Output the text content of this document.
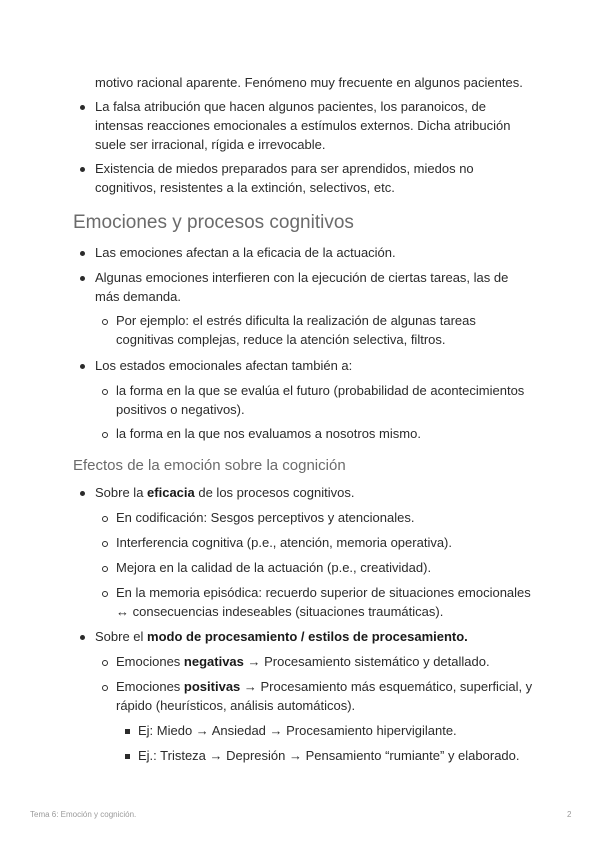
motivo racional aparente. Fenómeno muy frecuente en algunos pacientes.
La falsa atribución que hacen algunos pacientes, los paranoicos, de
intensas reacciones emocionales a estímulos externos. Dicha atribución
suele ser irracional, rígida e irrevocable.
Existencia de miedos preparados para ser aprendidos, miedos no
cognitivos, resistentes a la extinción, selectivos, etc.
Emociones y procesos cognitivos
Las emociones afectan a la eficacia de la actuación.
Algunas emociones interfieren con la ejecución de ciertas tareas, las de
más demanda.
Por ejemplo: el estrés dificulta la realización de algunas tareas
cognitivas complejas, reduce la atención selectiva, filtros.
Los estados emocionales afectan también a:
la forma en la que se evalúa el futuro (probabilidad de acontecimientos
positivos o negativos).
la forma en la que nos evaluamos a nosotros mismo.
Efectos de la emoción sobre la cognición
Sobre la eficacia de los procesos cognitivos.
En codificación: Sesgos perceptivos y atencionales.
Interferencia cognitiva (p.e., atención, memoria operativa).
Mejora en la calidad de la actuación (p.e., creatividad).
En la memoria episódica: recuerdo superior de situaciones emocionales
↔ consecuencias indeseables (situaciones traumáticas).
Sobre el modo de procesamiento / estilos de procesamiento.
Emociones negativas → Procesamiento sistemático y detallado.
Emociones positivas → Procesamiento más esquemático, superficial, y
rápido (heurísticos, análisis automáticos).
Ej: Miedo → Ansiedad → Procesamiento hipervigilante.
Ej.: Tristeza → Depresión → Pensamiento “rumiante” y elaborado.
Tema 6: Emoción y cognición.	2
